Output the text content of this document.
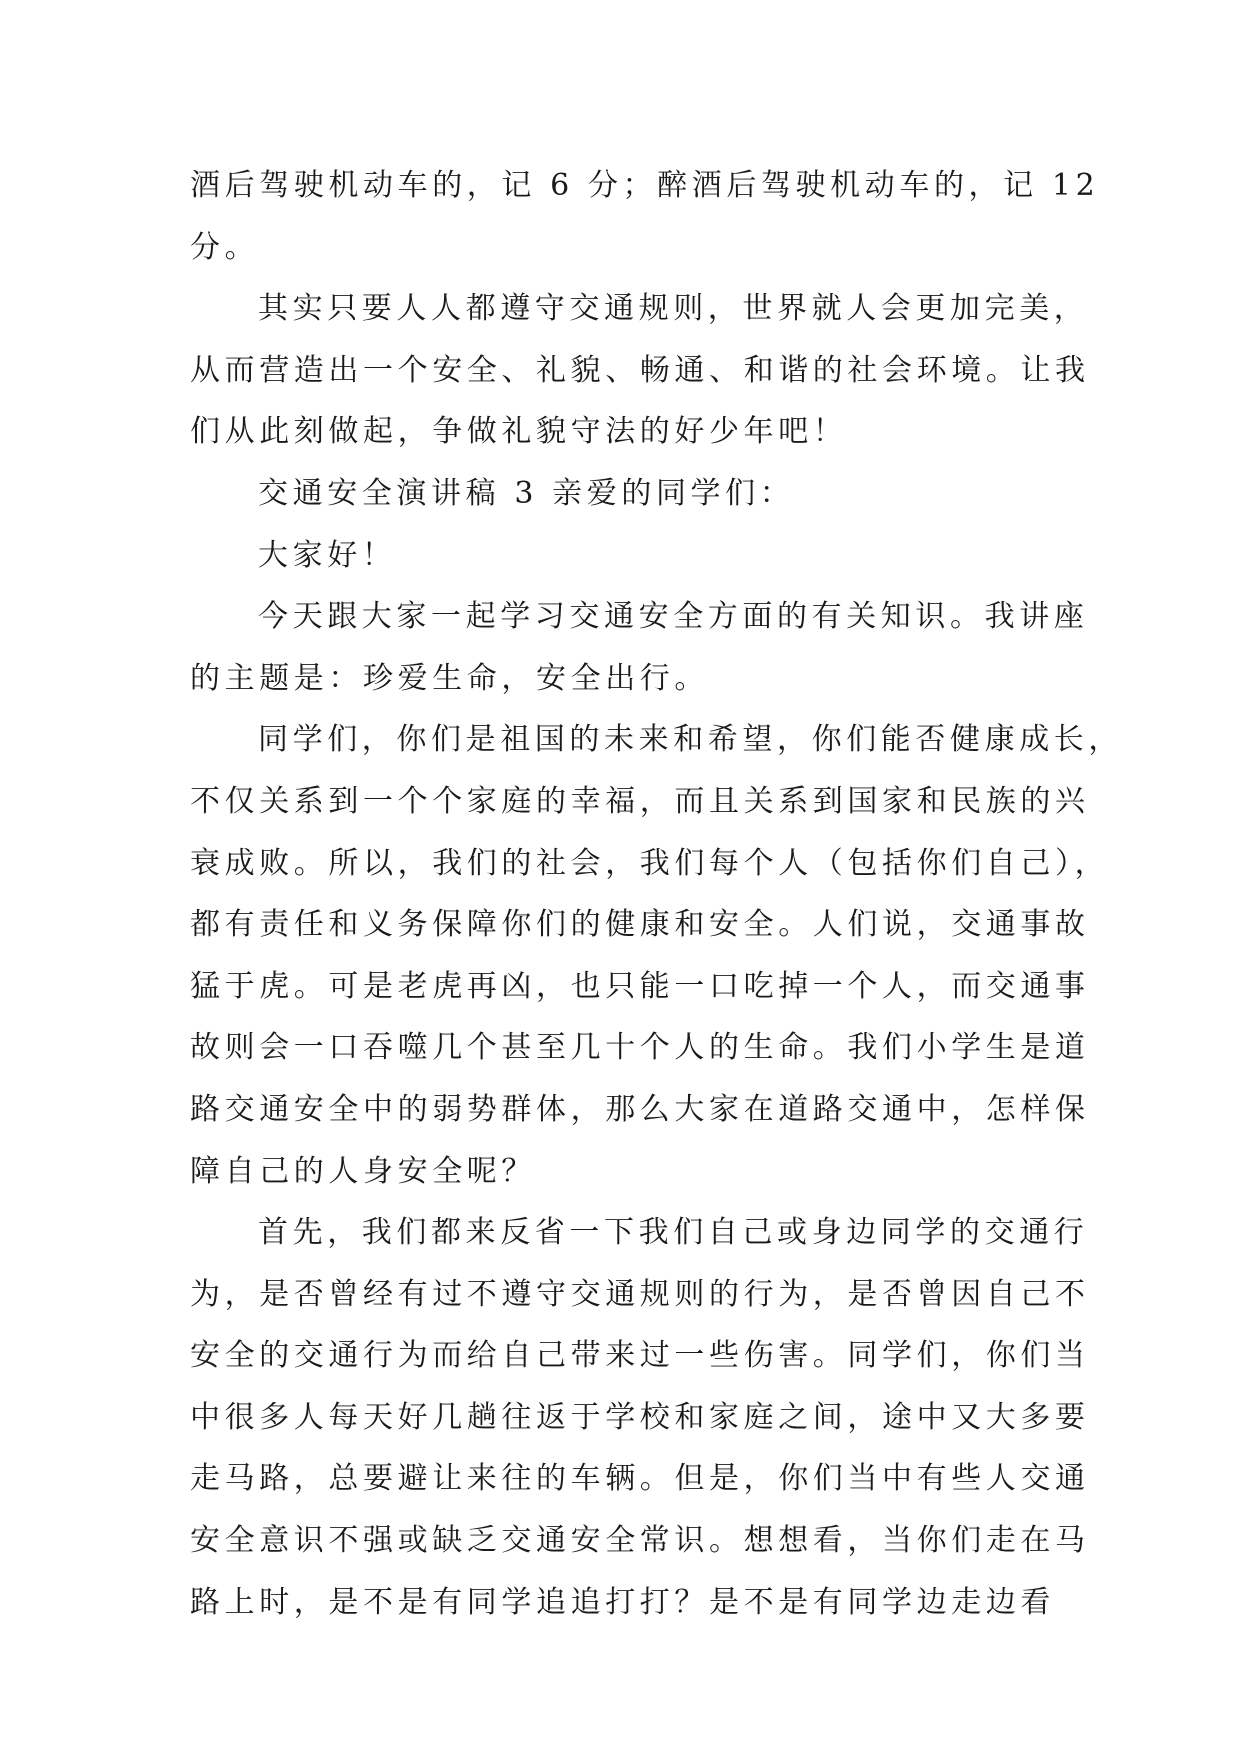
酒后驾驶机动车的，记 6 分；醉酒后驾驶机动车的，记 12
分。
其实只要人人都遵守交通规则，世界就人会更加完美，
从而营造出一个安全、礼貌、畅通、和谐的社会环境。让我
们从此刻做起，争做礼貌守法的好少年吧！
交通安全演讲稿 3 亲爱的同学们：
大家好！
今天跟大家一起学习交通安全方面的有关知识。我讲座
的主题是：珍爱生命，安全出行。
同学们，你们是祖国的未来和希望，你们能否健康成长，
不仅关系到一个个家庭的幸福，而且关系到国家和民族的兴
衰成败。所以，我们的社会，我们每个人（包括你们自己），
都有责任和义务保障你们的健康和安全。人们说，交通事故
猛于虎。可是老虎再凶，也只能一口吃掉一个人，而交通事
故则会一口吞噬几个甚至几十个人的生命。我们小学生是道
路交通安全中的弱势群体，那么大家在道路交通中，怎样保
障自己的人身安全呢？
首先，我们都来反省一下我们自己或身边同学的交通行
为，是否曾经有过不遵守交通规则的行为，是否曾因自己不
安全的交通行为而给自己带来过一些伤害。同学们，你们当
中很多人每天好几趟往返于学校和家庭之间，途中又大多要
走马路，总要避让来往的车辆。但是，你们当中有些人交通
安全意识不强或缺乏交通安全常识。想想看，当你们走在马
路上时，是不是有同学追追打打？是不是有同学边走边看
